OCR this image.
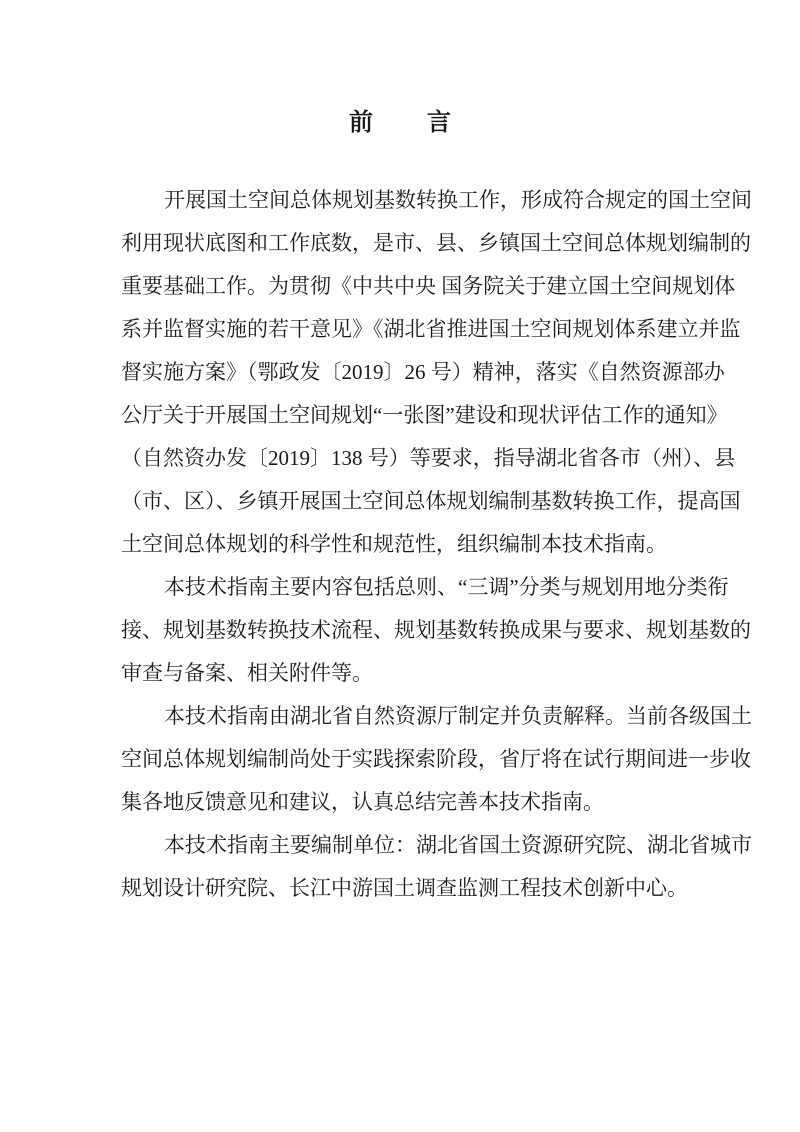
前 言
开展国土空间总体规划基数转换工作，形成符合规定的国土空间
利用现状底图和工作底数，是市、县、乡镇国土空间总体规划编制的
重要基础工作。为贯彻《中共中央 国务院关于建立国土空间规划体
系并监督实施的若干意见》《湖北省推进国土空间规划体系建立并监
督实施方案》（鄂政发〔2019〕26 号）精神，落实《自然资源部办
公厅关于开展国土空间规划“一张图”建设和现状评估工作的通知》
（自然资办发〔2019〕138 号）等要求，指导湖北省各市（州）、县
（市、区）、乡镇开展国土空间总体规划编制基数转换工作，提高国
土空间总体规划的科学性和规范性，组织编制本技术指南。
本技术指南主要内容包括总则、“三调”分类与规划用地分类衔
接、规划基数转换技术流程、规划基数转换成果与要求、规划基数的
审查与备案、相关附件等。
本技术指南由湖北省自然资源厅制定并负责解释。当前各级国土
空间总体规划编制尚处于实践探索阶段，省厅将在试行期间进一步收
集各地反馈意见和建议，认真总结完善本技术指南。
本技术指南主要编制单位：湖北省国土资源研究院、湖北省城市
规划设计研究院、长江中游国土调查监测工程技术创新中心。
